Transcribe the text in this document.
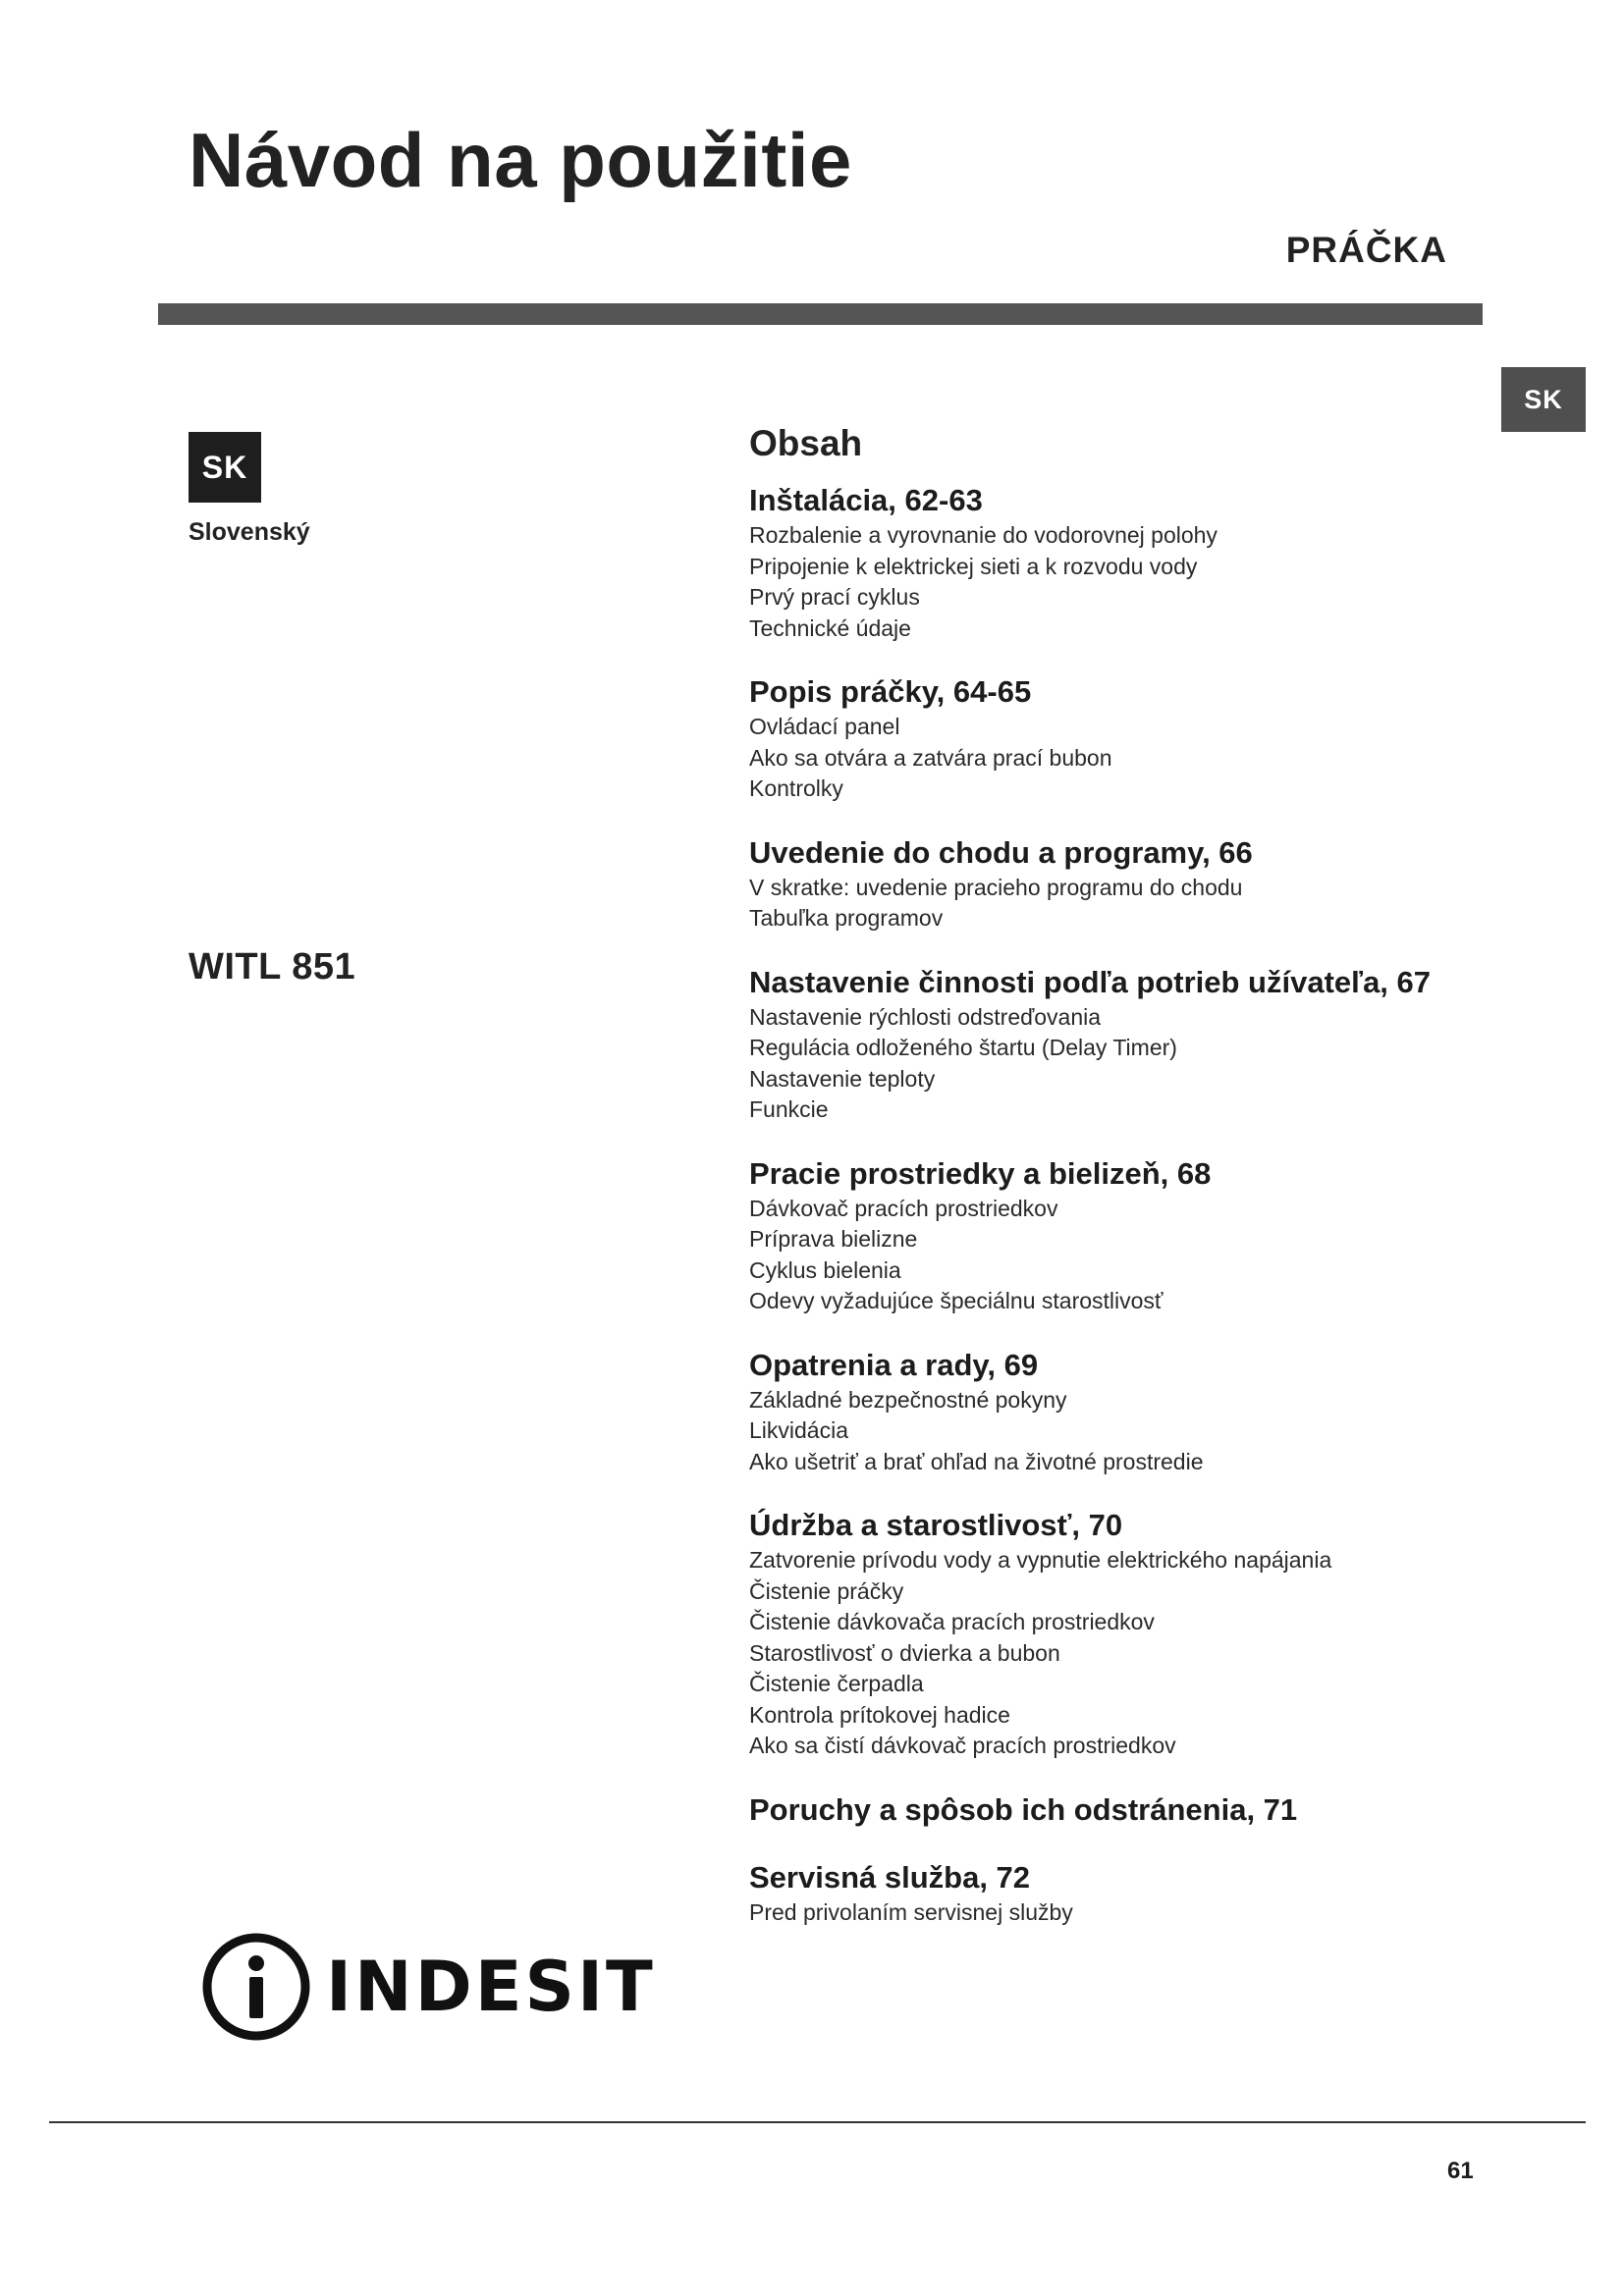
Návod na použitie
PRÁČKA
SK
SK
Slovenský
WITL 851
Obsah
Inštalácia, 62-63
Rozbalenie a vyrovnanie do vodorovnej polohy
Pripojenie k elektrickej sieti a k rozvodu vody
Prvý prací cyklus
Technické údaje
Popis práčky, 64-65
Ovládací panel
Ako sa otvára a zatvára prací bubon
Kontrolky
Uvedenie do chodu a programy, 66
V skratke: uvedenie pracieho programu do chodu
Tabuľka programov
Nastavenie činnosti podľa potrieb užívateľa, 67
Nastavenie rýchlosti odstreďovania
Regulácia odloženého štartu (Delay Timer)
Nastavenie teploty
Funkcie
Pracie prostriedky a bielizeň, 68
Dávkovač pracích prostriedkov
Príprava bielizne
Cyklus bielenia
Odevy vyžadujúce špeciálnu starostlivosť
Opatrenia a rady, 69
Základné bezpečnostné pokyny
Likvidácia
Ako ušetriť a brať ohľad na životné prostredie
Údržba a starostlivosť, 70
Zatvorenie prívodu vody a vypnutie elektrického napájania
Čistenie práčky
Čistenie dávkovača pracích prostriedkov
Starostlivosť o dvierka a bubon
Čistenie čerpadla
Kontrola prítokovej hadice
Ako sa čistí dávkovač pracích prostriedkov
Poruchy a spôsob ich odstránenia, 71
Servisná služba, 72
Pred privolaním servisnej služby
INDESIT
61
